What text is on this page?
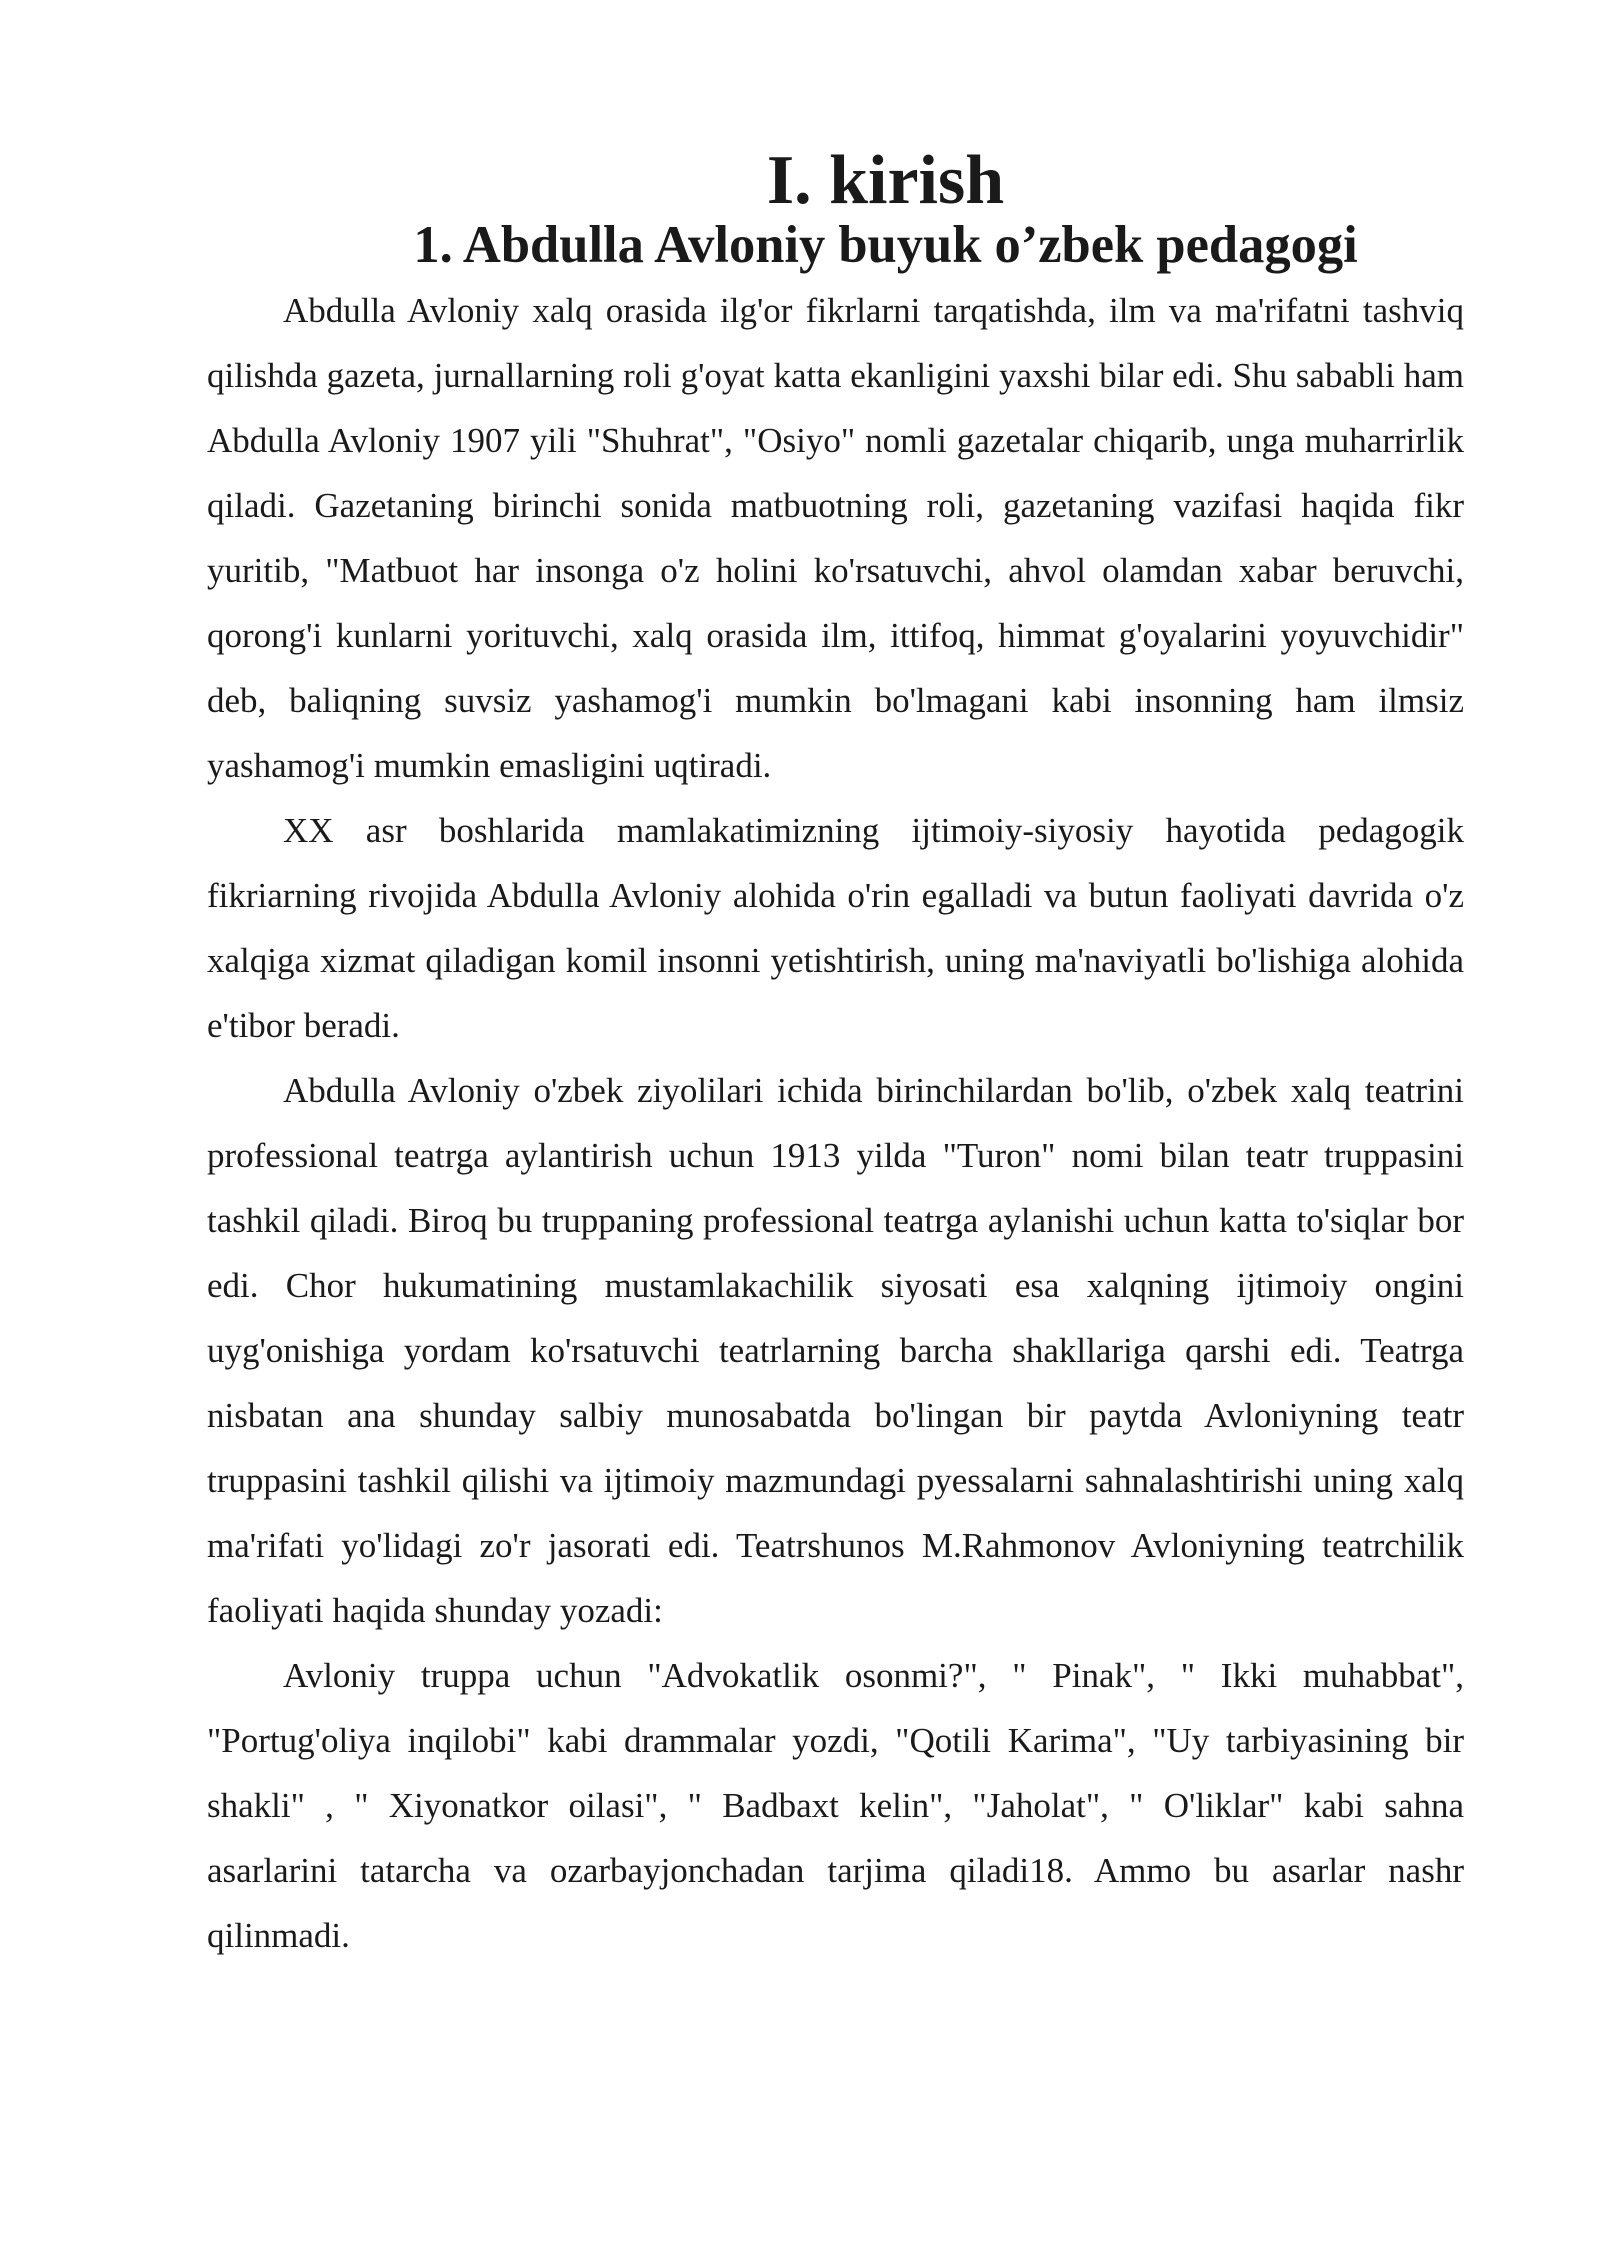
I. kirish
1. Abdulla Avloniy buyuk o’zbek pedagogi

Abdulla Avloniy xalq orasida ilg'or fikrlarni tarqatishda, ilm va ma'rifatni tashviq qilishda gazeta, jurnallarning roli g'oyat katta ekanligini yaxshi bilar edi. Shu sababli ham Abdulla Avloniy 1907 yili "Shuhrat", "Osiyo" nomli gazetalar chiqarib, unga muharrirlik qiladi. Gazetaning birinchi sonida matbuotning roli, gazetaning vazifasi haqida fikr yuritib, "Matbuot har insonga o'z holini ko'rsatuvchi, ahvol olamdan xabar beruvchi, qorong'i kunlarni yorituvchi, xalq orasida ilm, ittifoq, himmat g'oyalarini yoyuvchidir" deb, baliqning suvsiz yashamog'i mumkin bo'lmagani kabi insonning ham ilmsiz yashamog'i mumkin emasligini uqtiradi.

XX asr boshlarida mamlakatimizning ijtimoiy-siyosiy hayotida pedagogik fikriarning rivojida Abdulla Avloniy alohida o'rin egalladi va butun faoliyati davrida o'z xalqiga xizmat qiladigan komil insonni yetishtirish, uning ma'naviyatli bo'lishiga alohida e'tibor beradi.

Abdulla Avloniy o'zbek ziyolilari ichida birinchilardan bo'lib, o'zbek xalq teatrini professional teatrga aylantirish uchun 1913 yilda "Turon" nomi bilan teatr truppasini tashkil qiladi. Biroq bu truppaning professional teatrga aylanishi uchun katta to'siqlar bor edi. Chor hukumatining mustamlakachilik siyosati esa xalqning ijtimoiy ongini uyg'onishiga yordam ko'rsatuvchi teatrlarning barcha shakllariga qarshi edi. Teatrga nisbatan ana shunday salbiy munosabatda bo'lingan bir paytda Avloniyning teatr truppasini tashkil qilishi va ijtimoiy mazmundagi pyessalarni sahnalashtirishi uning xalq ma'rifati yo'lidagi zo'r jasorati edi. Teatrshunos M.Rahmonov Avloniyning teatrchilik faoliyati haqida shunday yozadi:

Avloniy truppa uchun "Advokatlik osonmi?", " Pinak", " Ikki muhabbat", "Portug'oliya inqilobi" kabi drammalar yozdi, "Qotili Karima", "Uy tarbiyasining bir shakli" , " Xiyonatkor oilasi", " Badbaxt kelin", "Jaholat", " O'liklar" kabi sahna asarlarini tatarcha va ozarbayjonchadan tarjima qiladi18. Ammo bu asarlar nashr qilinmadi.
